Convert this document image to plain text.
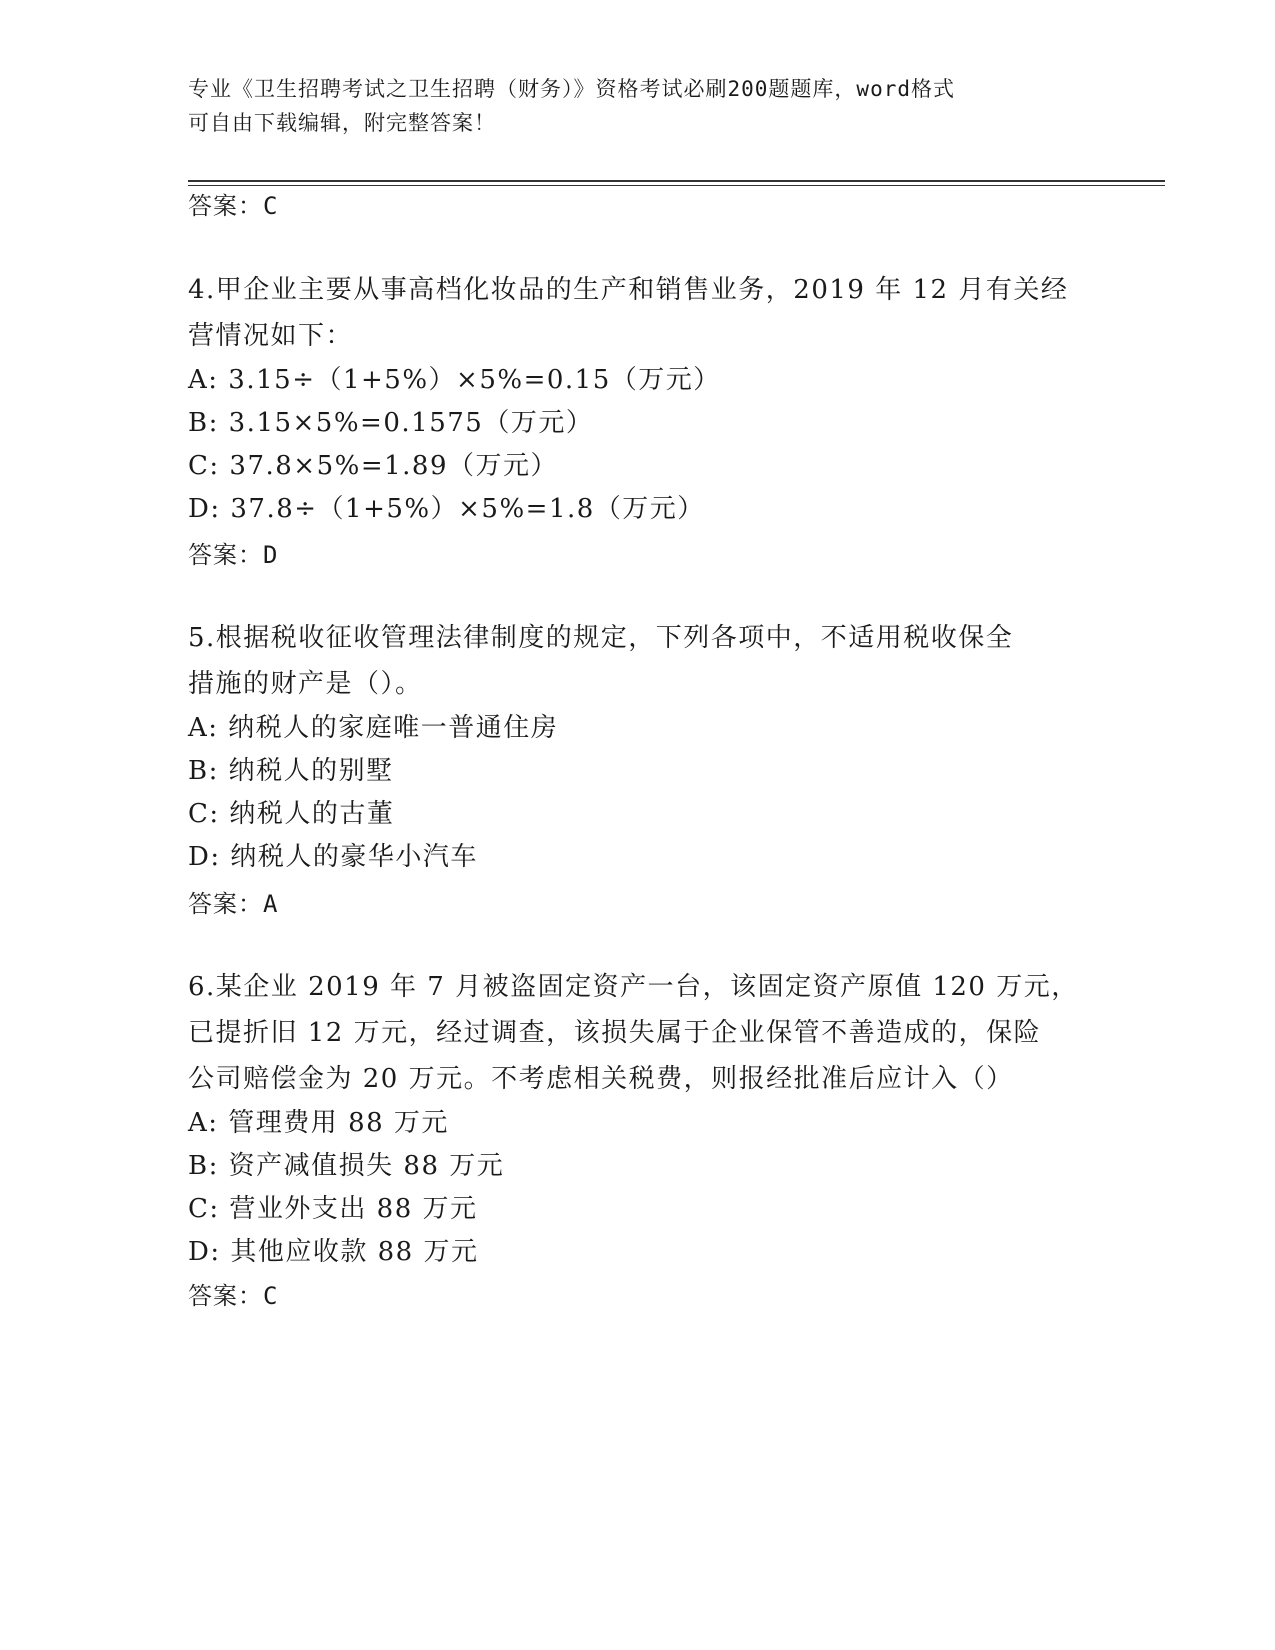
专业《卫生招聘考试之卫生招聘（财务）》资格考试必刷200题题库，word格式
可自由下载编辑，附完整答案！
答案：C
4.甲企业主要从事高档化妆品的生产和销售业务，2019 年 12 月有关经
营情况如下：
A: 3.15÷（1+5%）×5%=0.15（万元）
B: 3.15×5%=0.1575（万元）
C: 37.8×5%=1.89（万元）
D: 37.8÷（1+5%）×5%=1.8（万元）
答案：D
5.根据税收征收管理法律制度的规定，下列各项中，不适用税收保全
措施的财产是（）。
A: 纳税人的家庭唯一普通住房
B: 纳税人的别墅
C: 纳税人的古董
D: 纳税人的豪华小汽车
答案：A
6.某企业 2019 年 7 月被盗固定资产一台，该固定资产原值 120 万元，
已提折旧 12 万元，经过调查，该损失属于企业保管不善造成的，保险
公司赔偿金为 20 万元。不考虑相关税费，则报经批准后应计入（）
A: 管理费用 88 万元
B: 资产减值损失 88 万元
C: 营业外支出 88 万元
D: 其他应收款 88 万元
答案：C
